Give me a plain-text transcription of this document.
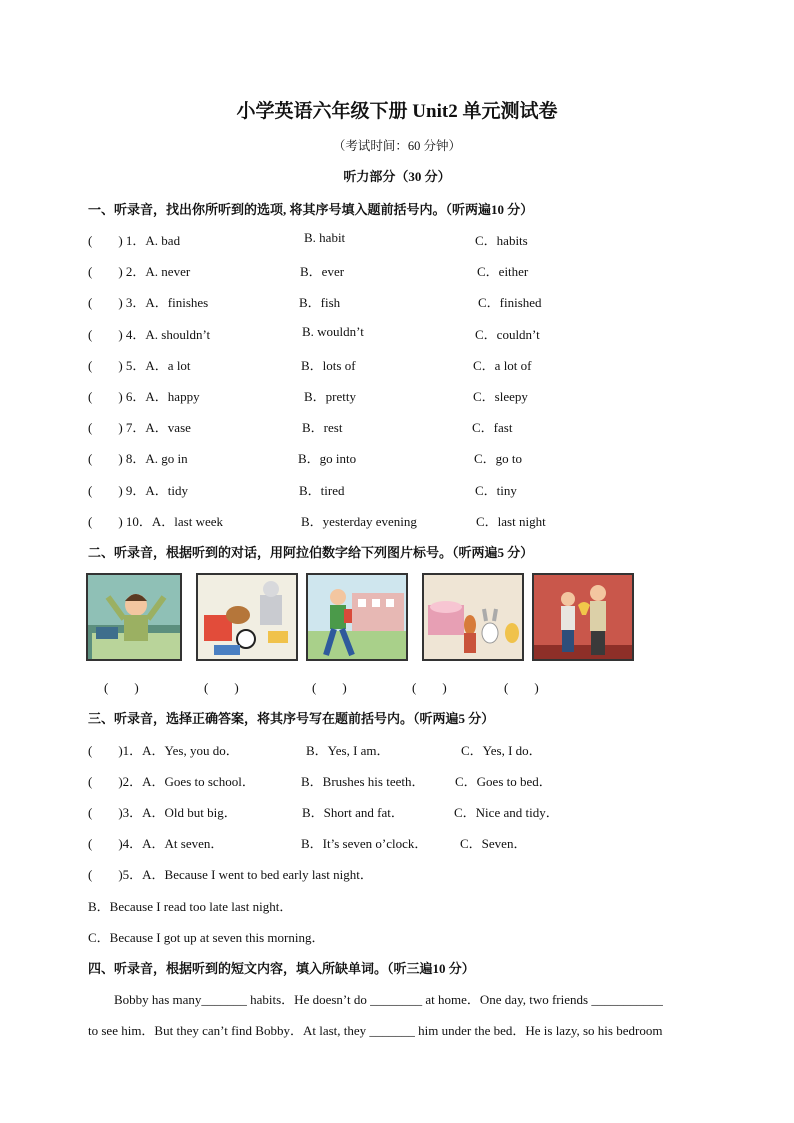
小学英语六年级下册 Unit2 单元测试卷
（考试时间：60 分钟）
听力部分（30 分）
一、听录音，找出你所听到的选项, 将其序号填入题前括号内。（听两遍10 分）
(　　) 1．A. bad	B. habit	C．habits
(　　) 2．A. never	B．ever	C．either
(　　) 3．A．finishes	B．fish	C．finished
(　　) 4．A. shouldn’t	B. wouldn’t	C．couldn’t
(　　) 5．A．a lot	B．lots of	C．a lot of
(　　) 6．A．happy	B．pretty	C．sleepy
(　　) 7．A．vase	B．rest	C．fast
(　　) 8．A. go in	B．go into	C．go to
(　　) 9．A．tidy	B．tired	C．tiny
(　　) 10．A．last week	B．yesterday evening	C．last night
二、听录音，根据听到的对话，用阿拉伯数字给下列图片标号。（听两遍5 分）
(　　)	(　　)	(　　)	(　　)	(　　)
三、听录音，选择正确答案，将其序号写在题前括号内。（听两遍5 分）
(　　)1．A．Yes, you do．	B．Yes, I am．	C．Yes, I do．
(　　)2．A．Goes to school．	B．Brushes his teeth． C．Goes to bed．
(　　)3．A．Old but big．	B．Short and fat．	C．Nice and tidy．
(　　)4．A．At seven．	B．It’s seven o’clock．	C．Seven．
(　　)5．A．Because I went to bed early last night．
B．Because I read too late last night．
C．Because I got up at seven this morning．
四、听录音，根据听到的短文内容，填入所缺单词。（听三遍10 分）
Bobby has many_______ habits．He doesn’t do ________ at home．One day, two friends ___________
to see him．But they can’t find Bobby．At last, they _______ him under the bed．He is lazy, so his bedroom
